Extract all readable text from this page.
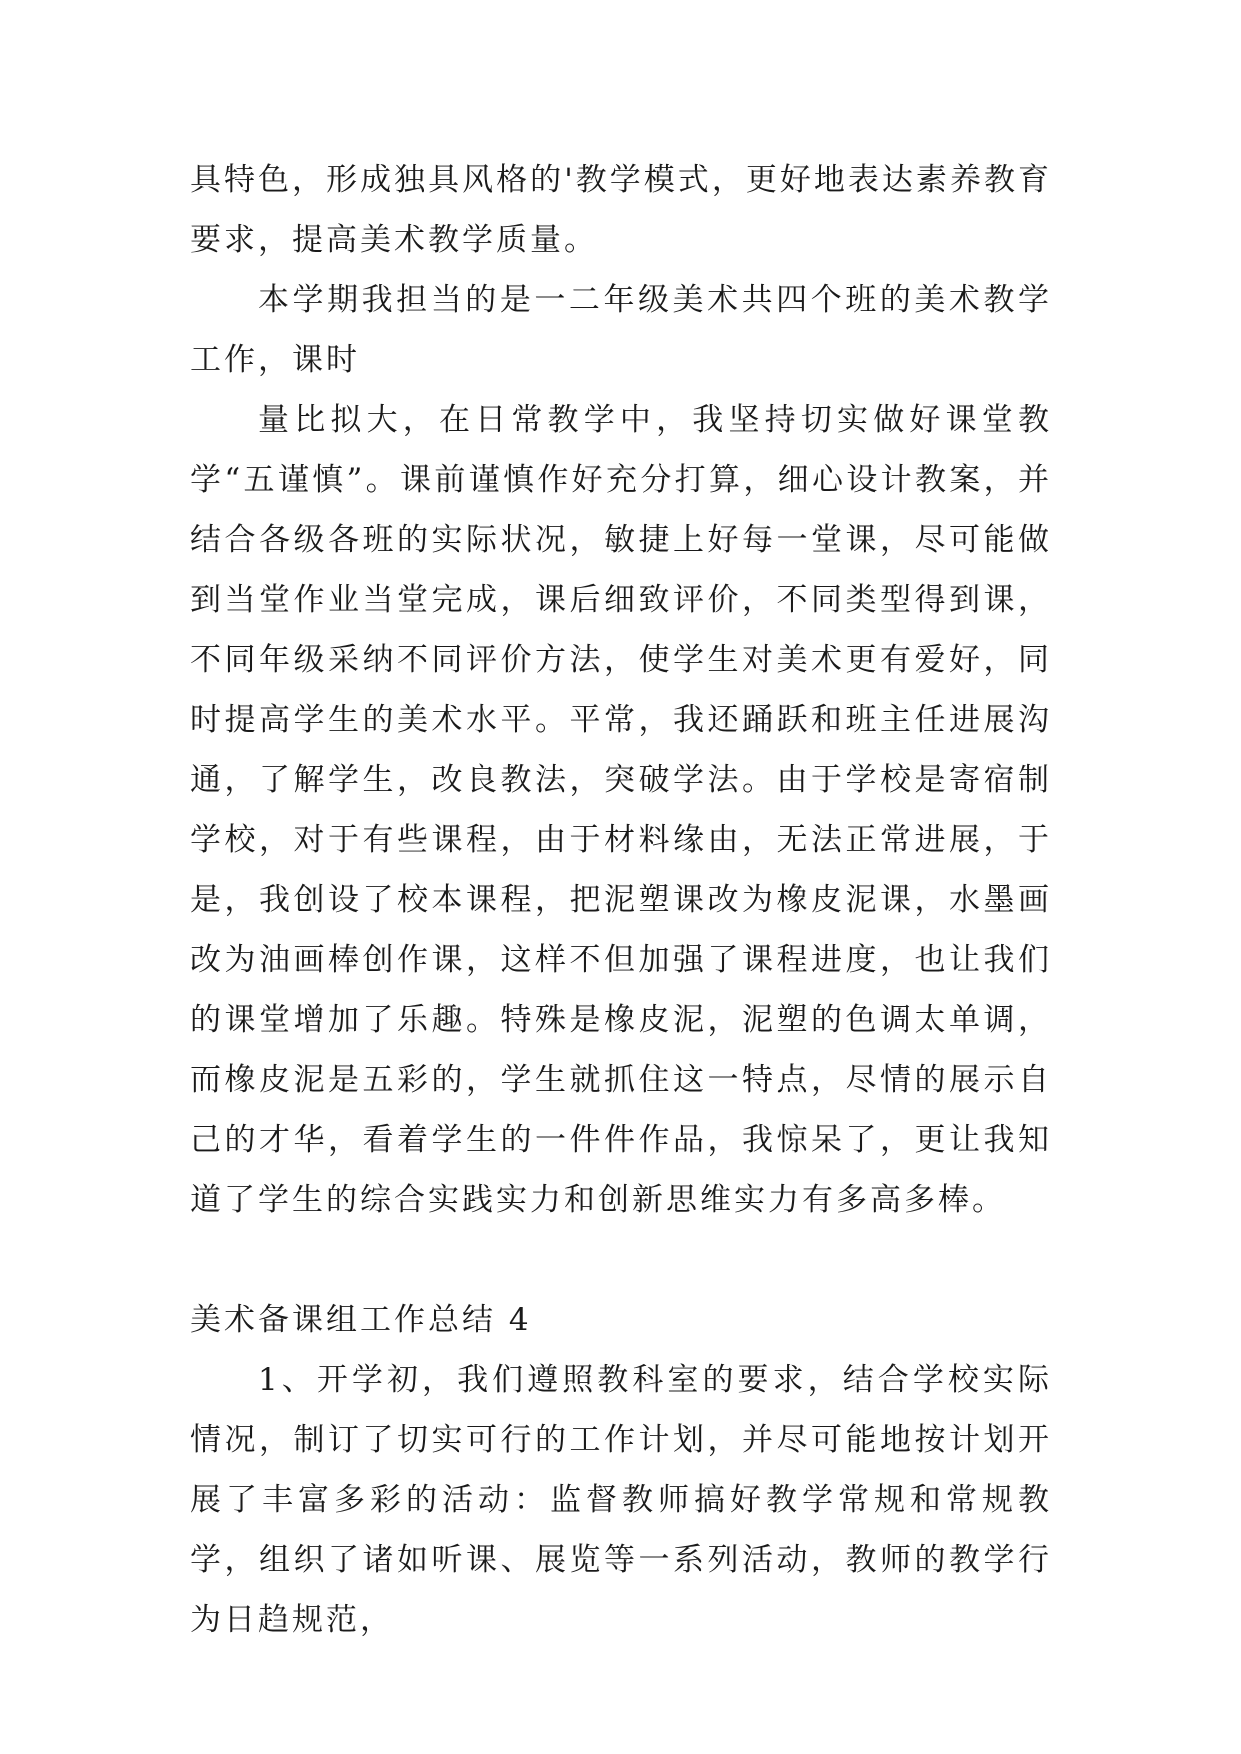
具特色，形成独具风格的'教学模式，更好地表达素养教育要求，提高美术教学质量。

本学期我担当的是一二年级美术共四个班的美术教学工作，课时

量比拟大，在日常教学中，我坚持切实做好课堂教学“五谨慎”。课前谨慎作好充分打算，细心设计教案，并结合各级各班的实际状况，敏捷上好每一堂课，尽可能做到当堂作业当堂完成，课后细致评价，不同类型得到课，不同年级采纳不同评价方法，使学生对美术更有爱好，同时提高学生的美术水平。平常，我还踊跃和班主任进展沟通，了解学生，改良教法，突破学法。由于学校是寄宿制学校，对于有些课程，由于材料缘由，无法正常进展，于是，我创设了校本课程，把泥塑课改为橡皮泥课，水墨画改为油画棒创作课，这样不但加强了课程进度，也让我们的课堂增加了乐趣。特殊是橡皮泥，泥塑的色调太单调，而橡皮泥是五彩的，学生就抓住这一特点，尽情的展示自己的才华，看着学生的一件件作品，我惊呆了，更让我知道了学生的综合实践实力和创新思维实力有多高多棒。

美术备课组工作总结 4

1、开学初，我们遵照教科室的要求，结合学校实际情况，制订了切实可行的工作计划，并尽可能地按计划开展了丰富多彩的活动：监督教师搞好教学常规和常规教学，组织了诸如听课、展览等一系列活动，教师的教学行为日趋规范，
